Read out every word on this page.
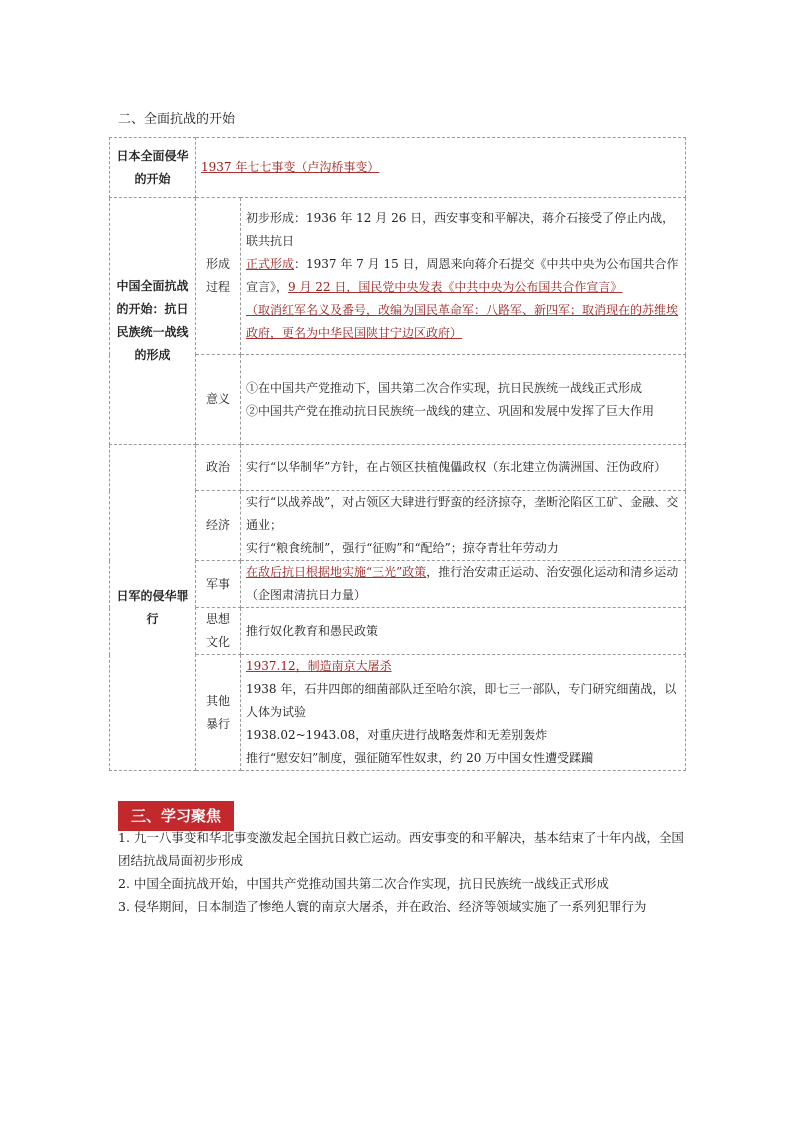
二、全面抗战的开始
日本全面侵华的开始	1937 年七七事变（卢沟桥事变）	
中国全面抗战的开始：抗日民族统一战线的形成	形成过程	初步形成：1936 年 12 月 26 日，西安事变和平解决，蒋介石接受了停止内战，联共抗日
正式形成：1937 年 7 月 15 日，周恩来向蒋介石提交《中共中央为公布国共合作宣言》，9 月 22 日，国民党中央发表《中共中央为公布国共合作宣言》
（取消红军名义及番号，改编为国民革命军：八路军、新四军；取消现在的苏维埃政府，更名为中华民国陕甘宁边区政府）

	意义	①在中国共产党推动下，国共第二次合作实现，抗日民族统一战线正式形成
②中国共产党在推动抗日民族统一战线的建立、巩固和发展中发挥了巨大作用

日军的侵华罪行	政治	实行“以华制华”方针，在占领区扶植傀儡政权（东北建立伪满洲国、汪伪政府）
	经济	实行“以战养战”，对占领区大肆进行野蛮的经济掠夺，垄断沦陷区工矿、金融、交通业；
实行“粮食统制”，强行“征购”和“配给”；掠夺青壮年劳动力

	军事	在敌后抗日根据地实施“三光”政策，推行治安肃正运动、治安强化运动和清乡运动（企图肃清抗日力量）
	思想文化	推行奴化教育和愚民政策
	其他暴行	1937.12，制造南京大屠杀
1938 年，石井四郎的细菌部队迁至哈尔滨，即七三一部队，专门研究细菌战，以人体为试验
1938.02~1943.08，对重庆进行战略轰炸和无差别轰炸
推行“慰安妇”制度，强征随军性奴隶，约 20 万中国女性遭受蹂躏
三、学习聚焦

1. 九一八事变和华北事变激发起全国抗日救亡运动。西安事变的和平解决，基本结束了十年内战，全国团结抗战局面初步形成

2. 中国全面抗战开始，中国共产党推动国共第二次合作实现，抗日民族统一战线正式形成

3. 侵华期间，日本制造了惨绝人寰的南京大屠杀，并在政治、经济等领域实施了一系列犯罪行为
